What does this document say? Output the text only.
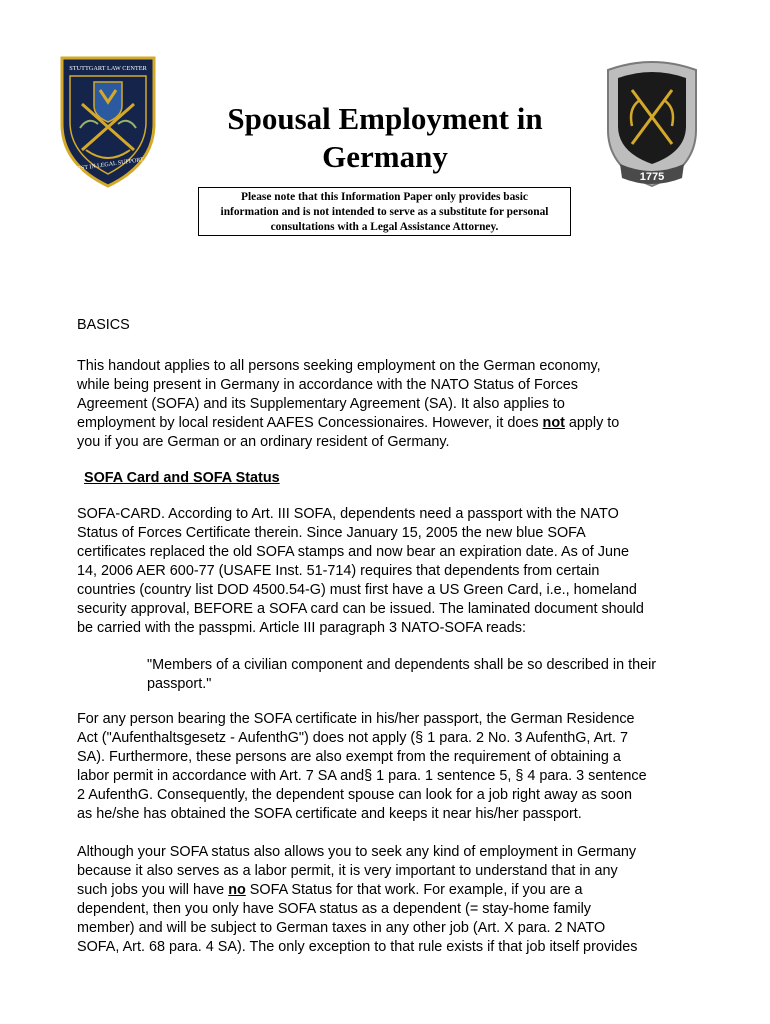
STUTTGART LAW CENTER
FIRST IN LEGAL SUPPORT
Spousal Employment in
Germany
1775
Please note that this Information Paper only provides basic
information and is not intended to serve as a substitute for personal
consultations with a Legal Assistance Attorney.
BASICS
This handout applies to all persons seeking employment on the German economy,
while being present in Germany in accordance with the NATO Status of Forces
Agreement (SOFA) and its Supplementary Agreement (SA). It also applies to
employment by local resident AAFES Concessionaires. However, it does not apply to
you if you are German or an ordinary resident of Germany.
SOFA Card and SOFA Status
SOFA-CARD. According to Art. III SOFA, dependents need a passport with the NATO
Status of Forces Certificate therein. Since January 15, 2005 the new blue SOFA
certificates replaced the old SOFA stamps and now bear an expiration date. As of June
14, 2006 AER 600-77 (USAFE Inst. 51-714) requires that dependents from certain
countries (country list DOD 4500.54-G) must first have a US Green Card, i.e., homeland
security approval, BEFORE a SOFA card can be issued. The laminated document should
be carried with the passpmi. Article III paragraph 3 NATO-SOFA reads:
"Members of a civilian component and dependents shall be so described in their
passport."
For any person bearing the SOFA certificate in his/her passport, the German Residence
Act ("Aufenthaltsgesetz - AufenthG") does not apply (§ 1 para. 2 No. 3 AufenthG, Art. 7
SA). Furthermore, these persons are also exempt from the requirement of obtaining a
labor permit in accordance with Art. 7 SA and§ 1 para. 1 sentence 5, § 4 para. 3 sentence
2 AufenthG. Consequently, the dependent spouse can look for a job right away as soon
as he/she has obtained the SOFA certificate and keeps it near his/her passport.
Although your SOFA status also allows you to seek any kind of employment in Germany
because it also serves as a labor permit, it is very important to understand that in any
such jobs you will have no SOFA Status for that work. For example, if you are a
dependent, then you only have SOFA status as a dependent (= stay-home family
member) and will be subject to German taxes in any other job (Art. X para. 2 NATO
SOFA, Art. 68 para. 4 SA). The only exception to that rule exists if that job itself provides
